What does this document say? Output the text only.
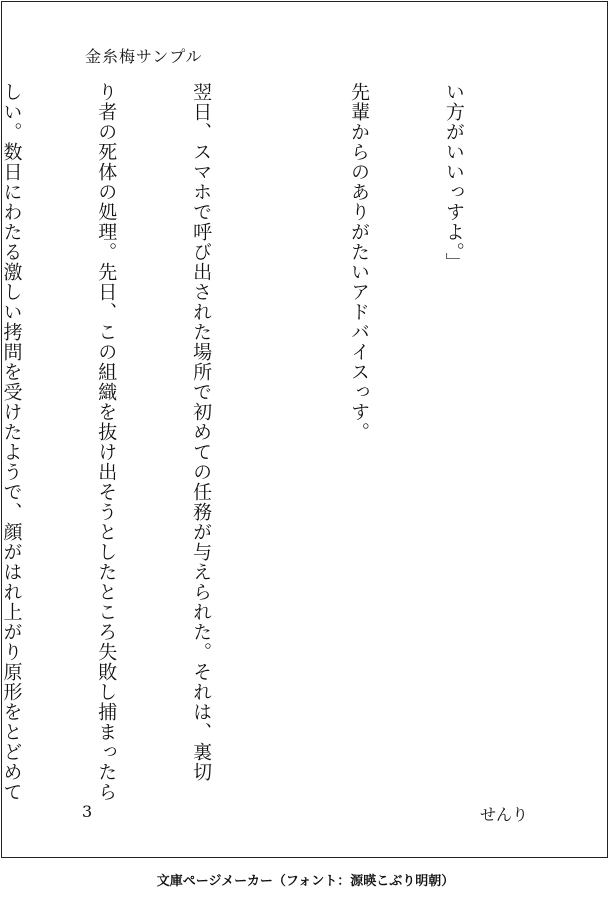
金糸梅サンプル

い方がいいっすよ。」

先輩からのありがたいアドバイスっす。

翌日、スマホで呼び出された場所で初めての任務が与えられた。それは、裏切

り者の死体の処理。先日、この組織を抜け出そうとしたところ失敗し捕まったら

しい。数日にわたる激しい拷問を受けたようで、顔がはれ上がり原形をとどめて

3	せんり
文庫ページメーカー（フォント：源暎こぶり明朝）
